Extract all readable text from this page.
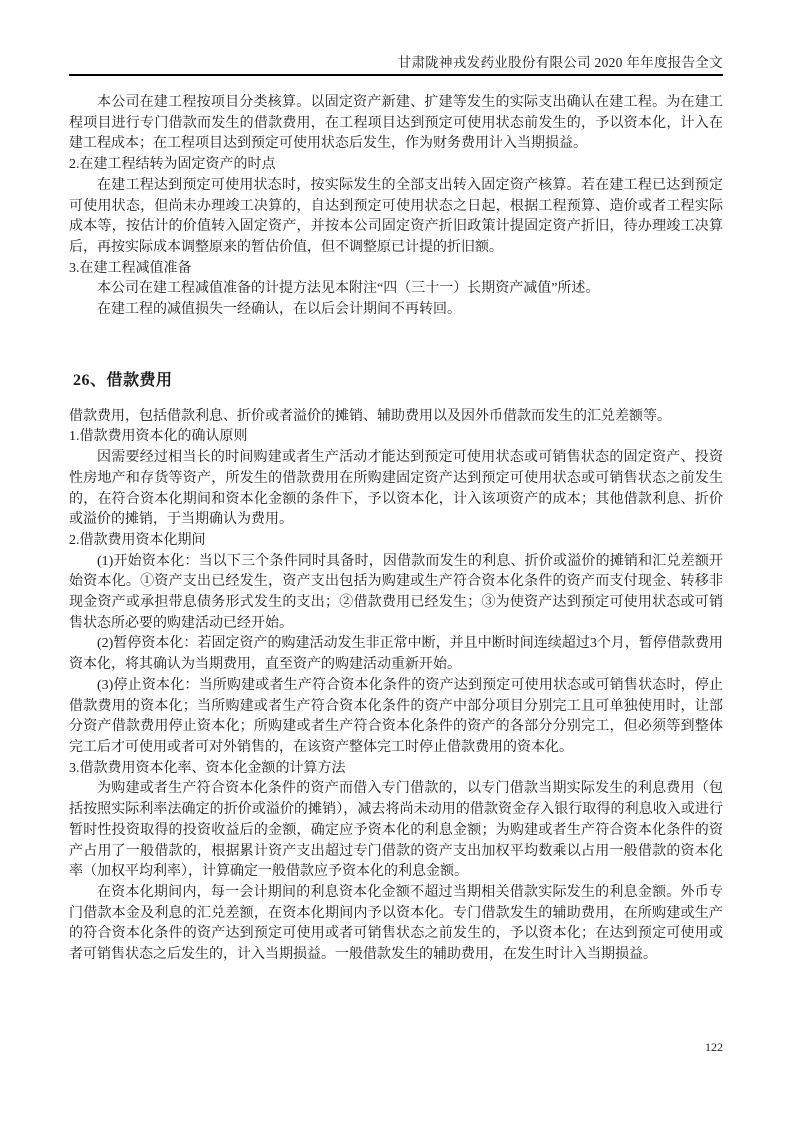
甘肃陇神戎发药业股份有限公司 2020 年年度报告全文

本公司在建工程按项目分类核算。以固定资产新建、扩建等发生的实际支出确认在建工程。为在建工程项目进行专门借款而发生的借款费用，在工程项目达到预定可使用状态前发生的，予以资本化，计入在建工程成本；在工程项目达到预定可使用状态后发生，作为财务费用计入当期损益。

2.在建工程结转为固定资产的时点

在建工程达到预定可使用状态时，按实际发生的全部支出转入固定资产核算。若在建工程已达到预定可使用状态，但尚未办理竣工决算的，自达到预定可使用状态之日起，根据工程预算、造价或者工程实际成本等，按估计的价值转入固定资产，并按本公司固定资产折旧政策计提固定资产折旧，待办理竣工决算后，再按实际成本调整原来的暂估价值，但不调整原已计提的折旧额。

3.在建工程减值准备

本公司在建工程减值准备的计提方法见本附注“四（三十一）长期资产减值”所述。

在建工程的减值损失一经确认，在以后会计期间不再转回。

26、借款费用

借款费用，包括借款利息、折价或者溢价的摊销、辅助费用以及因外币借款而发生的汇兑差额等。

1.借款费用资本化的确认原则

因需要经过相当长的时间购建或者生产活动才能达到预定可使用状态或可销售状态的固定资产、投资性房地产和存货等资产，所发生的借款费用在所购建固定资产达到预定可使用状态或可销售状态之前发生的，在符合资本化期间和资本化金额的条件下，予以资本化，计入该项资产的成本；其他借款利息、折价或溢价的摊销，于当期确认为费用。

2.借款费用资本化期间

(1)开始资本化：当以下三个条件同时具备时，因借款而发生的利息、折价或溢价的摊销和汇兑差额开始资本化。①资产支出已经发生，资产支出包括为购建或生产符合资本化条件的资产而支付现金、转移非现金资产或承担带息债务形式发生的支出；②借款费用已经发生；③为使资产达到预定可使用状态或可销售状态所必要的购建活动已经开始。

(2)暂停资本化：若固定资产的购建活动发生非正常中断，并且中断时间连续超过3个月，暂停借款费用资本化，将其确认为当期费用，直至资产的购建活动重新开始。

(3)停止资本化：当所购建或者生产符合资本化条件的资产达到预定可使用状态或可销售状态时，停止借款费用的资本化；当所购建或者生产符合资本化条件的资产中部分项目分别完工且可单独使用时，让部分资产借款费用停止资本化；所购建或者生产符合资本化条件的资产的各部分分别完工，但必须等到整体完工后才可使用或者可对外销售的，在该资产整体完工时停止借款费用的资本化。

3.借款费用资本化率、资本化金额的计算方法

为购建或者生产符合资本化条件的资产而借入专门借款的，以专门借款当期实际发生的利息费用（包括按照实际利率法确定的折价或溢价的摊销），减去将尚未动用的借款资金存入银行取得的利息收入或进行暂时性投资取得的投资收益后的金额，确定应予资本化的利息金额；为购建或者生产符合资本化条件的资产占用了一般借款的，根据累计资产支出超过专门借款的资产支出加权平均数乘以占用一般借款的资本化率（加权平均利率），计算确定一般借款应予资本化的利息金额。

在资本化期间内，每一会计期间的利息资本化金额不超过当期相关借款实际发生的利息金额。外币专门借款本金及利息的汇兑差额，在资本化期间内予以资本化。专门借款发生的辅助费用，在所购建或生产的符合资本化条件的资产达到预定可使用或者可销售状态之前发生的，予以资本化；在达到预定可使用或者可销售状态之后发生的，计入当期损益。一般借款发生的辅助费用，在发生时计入当期损益。

122
